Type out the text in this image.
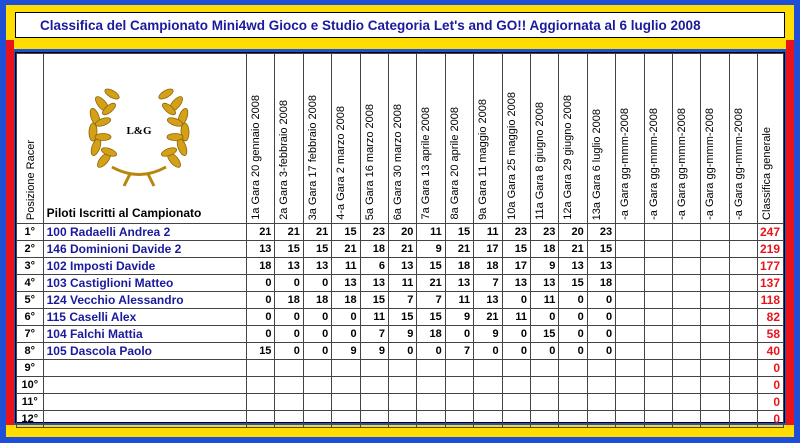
Classifica del Campionato Mini4wd Gioco e Studio Categoria Let's and GO!! Aggiornata al 6 luglio 2008
Posizione Racer	L&G
Piloti Iscritti al Campionato	1a Gara 20 gennaio 2008	2a Gara 3-febbraio 2008	3a Gara 17 febbraio 2008	4-a Gara 2 marzo 2008	5a Gara 16 marzo 2008	6a Gara 30 marzo 2008	7a Gara 13 aprile 2008	8a Gara 20 aprile 2008	9a Gara 11 maggio 2008	10a Gara 25 maggio 2008	11a Gara 8 giugno 2008	12a Gara 29 giugno 2008	13a Gara 6 luglio 2008	-a Gara gg-mmm-2008	-a Gara gg-mmm-2008	-a Gara gg-mmm-2008	-a Gara gg-mmm-2008	-a Gara gg-mmm-2008	Classifica generale
1°	100 Radaelli Andrea 2	21	21	21	15	23	20	11	15	11	23	23	20	23						247
2°	146 Dominioni Davide 2	13	15	15	21	18	21	9	21	17	15	18	21	15						219
3°	102 Imposti Davide	18	13	13	11	6	13	15	18	18	17	9	13	13						177
4°	103 Castiglioni Matteo	0	0	0	13	13	11	21	13	7	13	13	15	18						137
5°	124 Vecchio Alessandro	0	18	18	18	15	7	7	11	13	0	11	0	0						118
6°	115 Caselli Alex	0	0	0	0	11	15	15	9	21	11	0	0	0						82
7°	104 Falchi Mattia	0	0	0	0	7	9	18	0	9	0	15	0	0						58
8°	105 Dascola Paolo	15	0	0	9	9	0	0	7	0	0	0	0	0						40
9°																				0
10°																				0
11°																				0
12°																				0
